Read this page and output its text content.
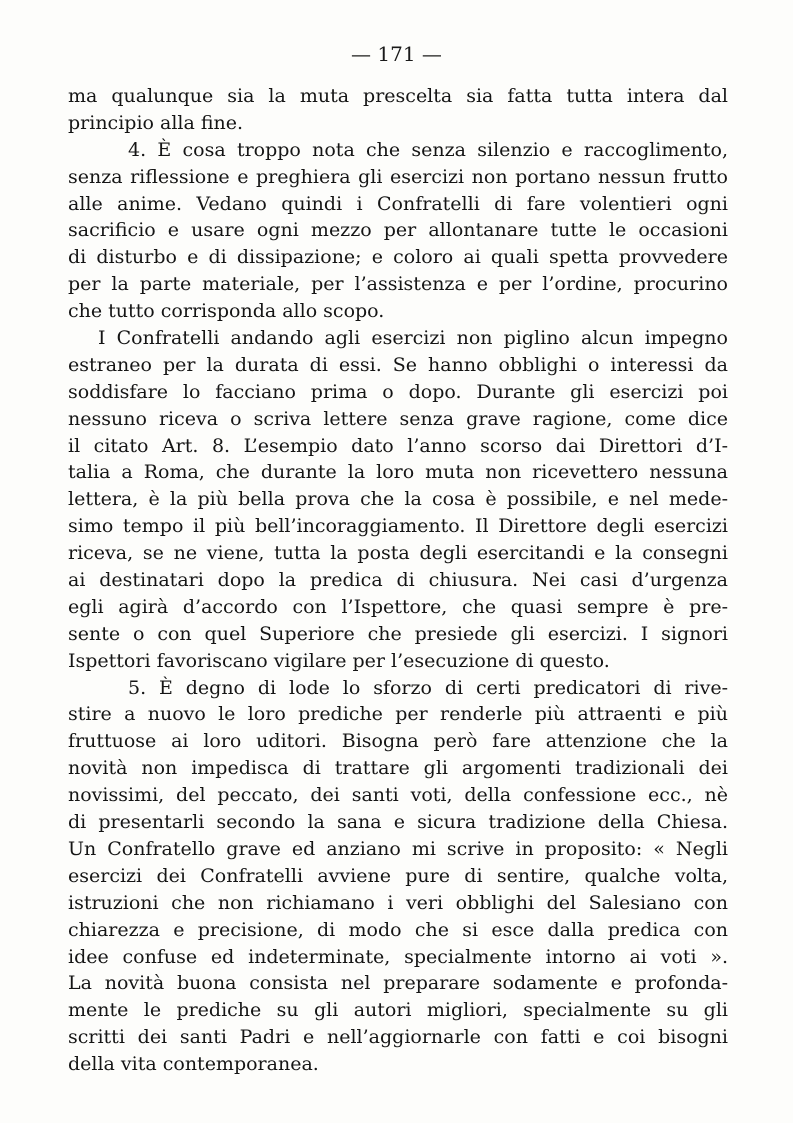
— 171 —
ma qualunque sia la muta prescelta sia fatta tutta intera dal
principio alla fine.
4. È cosa troppo nota che senza silenzio e raccoglimento,
senza riflessione e preghiera gli esercizi non portano nessun frutto
alle anime. Vedano quindi i Confratelli di fare volentieri ogni
sacrificio e usare ogni mezzo per allontanare tutte le occasioni
di disturbo e di dissipazione; e coloro ai quali spetta provvedere
per la parte materiale, per l’assistenza e per l’ordine, procurino
che tutto corrisponda allo scopo.
I Confratelli andando agli esercizi non piglino alcun impegno
estraneo per la durata di essi. Se hanno obblighi o interessi da
soddisfare lo facciano prima o dopo. Durante gli esercizi poi
nessuno riceva o scriva lettere senza grave ragione, come dice
il citato Art. 8. L’esempio dato l’anno scorso dai Direttori d’I-
talia a Roma, che durante la loro muta non ricevettero nessuna
lettera, è la più bella prova che la cosa è possibile, e nel mede-
simo tempo il più bell’incoraggiamento. Il Direttore degli esercizi
riceva, se ne viene, tutta la posta degli esercitandi e la consegni
ai destinatari dopo la predica di chiusura. Nei casi d’urgenza
egli agirà d’accordo con l’Ispettore, che quasi sempre è pre-
sente o con quel Superiore che presiede gli esercizi. I signori
Ispettori favoriscano vigilare per l’esecuzione di questo.
5. È degno di lode lo sforzo di certi predicatori di rive-
stire a nuovo le loro prediche per renderle più attraenti e più
fruttuose ai loro uditori. Bisogna però fare attenzione che la
novità non impedisca di trattare gli argomenti tradizionali dei
novissimi, del peccato, dei santi voti, della confessione ecc., nè
di presentarli secondo la sana e sicura tradizione della Chiesa.
Un Confratello grave ed anziano mi scrive in proposito: « Negli
esercizi dei Confratelli avviene pure di sentire, qualche volta,
istruzioni che non richiamano i veri obblighi del Salesiano con
chiarezza e precisione, di modo che si esce dalla predica con
idee confuse ed indeterminate, specialmente intorno ai voti ».
La novità buona consista nel preparare sodamente e profonda-
mente le prediche su gli autori migliori, specialmente su gli
scritti dei santi Padri e nell’aggiornarle con fatti e coi bisogni
della vita contemporanea.
